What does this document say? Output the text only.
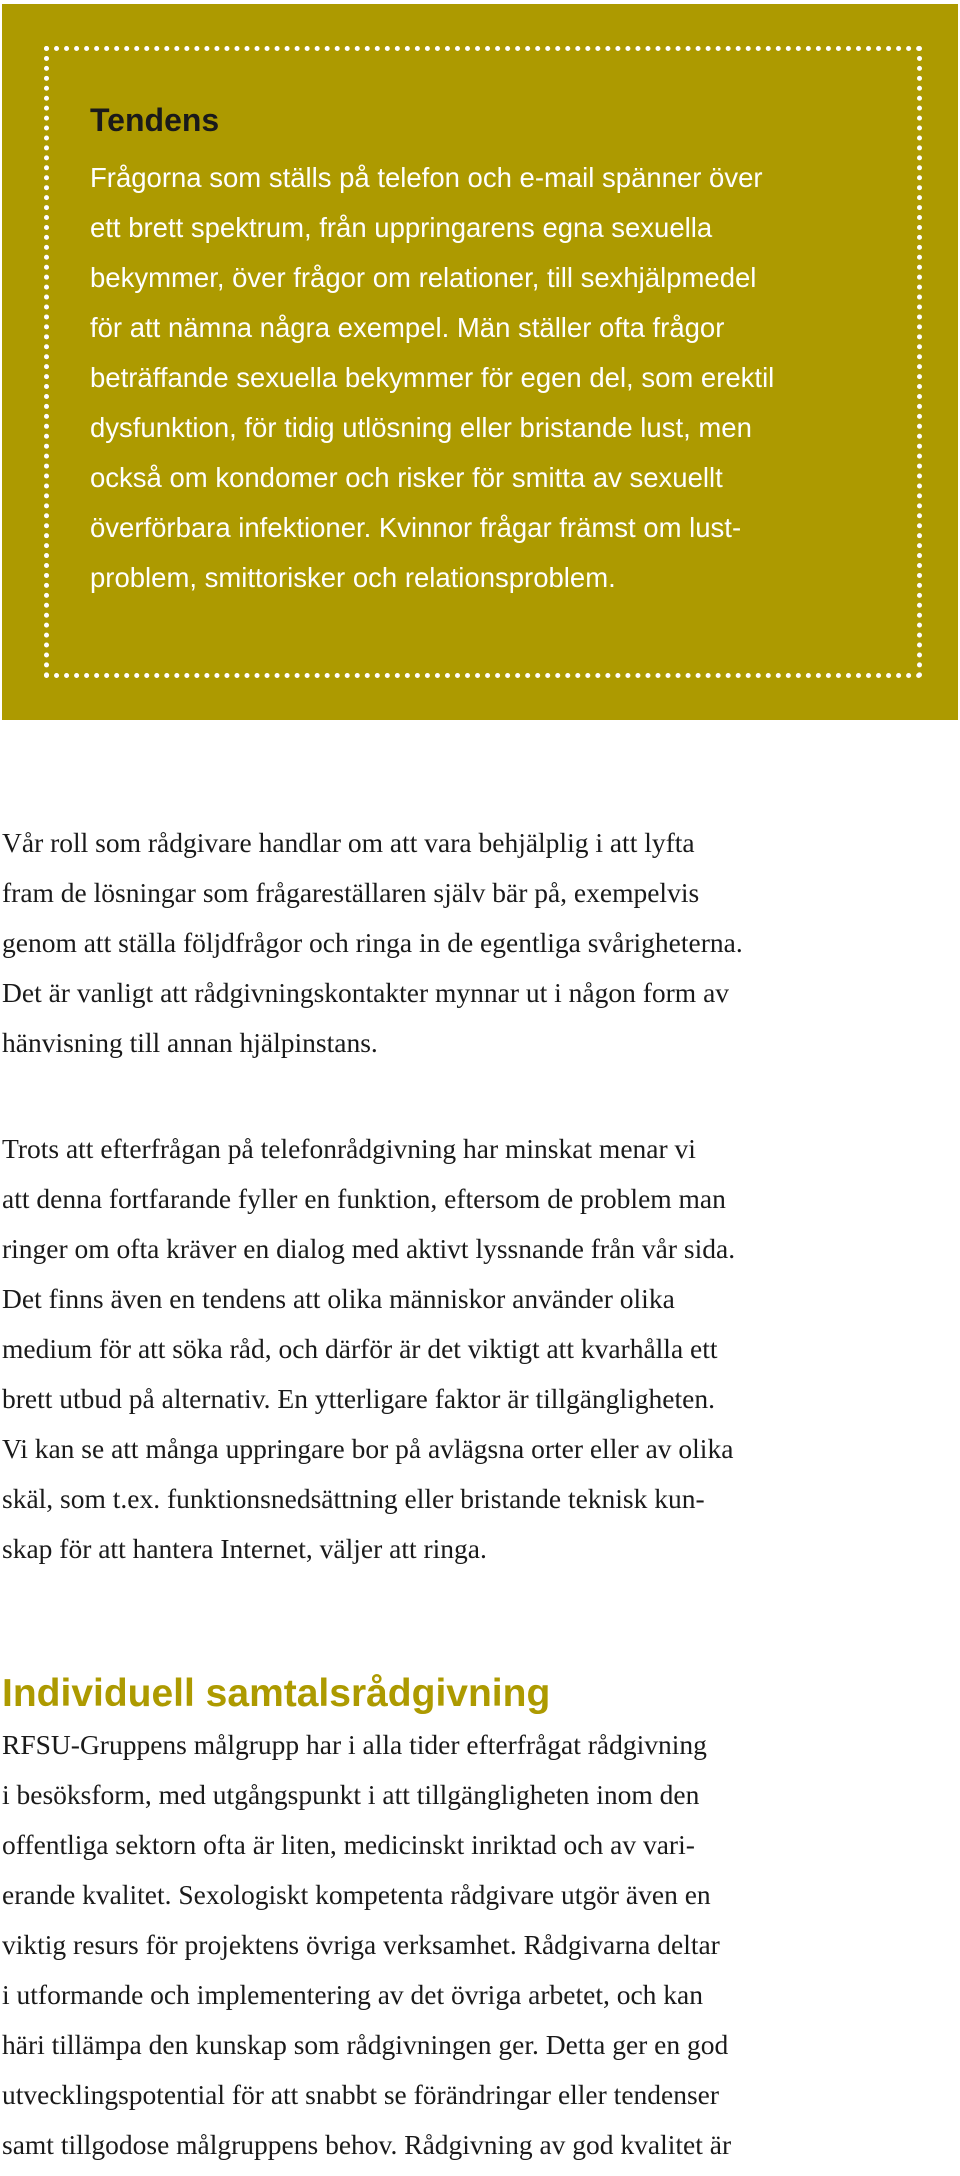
Tendens

Frågorna som ställs på telefon och e-mail spänner över
ett brett spektrum, från uppringarens egna sexuella
bekymmer, över frågor om relationer, till sexhjälpmedel
för att nämna några exempel. Män ställer ofta frågor
beträffande sexuella bekymmer för egen del, som erektil
dysfunktion, för tidig utlösning eller bristande lust, men
också om kondomer och risker för smitta av sexuellt
överförbara infektioner. Kvinnor frågar främst om lust-
problem, smittorisker och relationsproblem.

Vår roll som rådgivare handlar om att vara behjälplig i att lyfta
fram de lösningar som frågareställaren själv bär på, exempelvis
genom att ställa följdfrågor och ringa in de egentliga svårigheterna.
Det är vanligt att rådgivningskontakter mynnar ut i någon form av
hänvisning till annan hjälpinstans.

Trots att efterfrågan på telefonrådgivning har minskat menar vi
att denna fortfarande fyller en funktion, eftersom de problem man
ringer om ofta kräver en dialog med aktivt lyssnande från vår sida.
Det finns även en tendens att olika människor använder olika
medium för att söka råd, och därför är det viktigt att kvarhålla ett
brett utbud på alternativ. En ytterligare faktor är tillgängligheten.
Vi kan se att många uppringare bor på avlägsna orter eller av olika
skäl, som t.ex. funktionsnedsättning eller bristande teknisk kun-
skap för att hantera Internet, väljer att ringa.

Individuell samtalsrådgivning

RFSU-Gruppens målgrupp har i alla tider efterfrågat rådgivning
i besöksform, med utgångspunkt i att tillgängligheten inom den
offentliga sektorn ofta är liten, medicinskt inriktad och av vari-
erande kvalitet. Sexologiskt kompetenta rådgivare utgör även en
viktig resurs för projektens övriga verksamhet. Rådgivarna deltar
i utformande och implementering av det övriga arbetet, och kan
häri tillämpa den kunskap som rådgivningen ger. Detta ger en god
utvecklingspotential för att snabbt se förändringar eller tendenser
samt tillgodose målgruppens behov. Rådgivning av god kvalitet är
